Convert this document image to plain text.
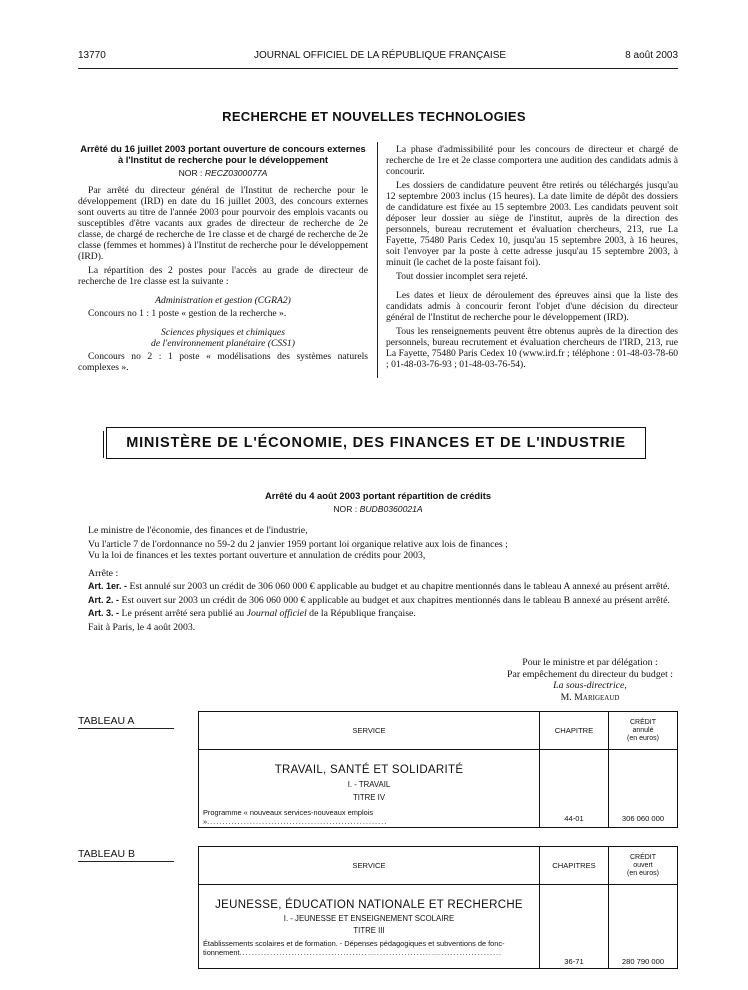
13770	JOURNAL OFFICIEL DE LA RÉPUBLIQUE FRANÇAISE	8 août 2003
RECHERCHE ET NOUVELLES TECHNOLOGIES

Arrêté du 16 juillet 2003 portant ouverture de concours externes à l'Institut de recherche pour le développement

NOR : RECZ0300077A

Par arrêté du directeur général de l'Institut de recherche pour le développement (IRD) en date du 16 juillet 2003, des concours externes sont ouverts au titre de l'année 2003 pour pourvoir des emplois vacants ou susceptibles d'être vacants aux grades de directeur de recherche de 2e classe, de chargé de recherche de 1re classe et de chargé de recherche de 2e classe (femmes et hommes) à l'Institut de recherche pour le développement (IRD).

La répartition des 2 postes pour l'accès au grade de directeur de recherche de 1re classe est la suivante :

Administration et gestion (CGRA2)

Concours no 1 : 1 poste « gestion de la recherche ».

Sciences physiques et chimiques

de l'environnement planétaire (CSS1)

Concours no 2 : 1 poste « modélisations des systèmes naturels complexes ».

La phase d'admissibilité pour les concours de directeur et chargé de recherche de 1re et 2e classe comportera une audition des candidats admis à concourir.

Les dossiers de candidature peuvent être retirés ou téléchargés jusqu'au 12 septembre 2003 inclus (15 heures). La date limite de dépôt des dossiers de candidature est fixée au 15 septembre 2003. Les candidats peuvent soit déposer leur dossier au siège de l'institut, auprès de la direction des personnels, bureau recrutement et évaluation chercheurs, 213, rue La Fayette, 75480 Paris Cedex 10, jusqu'au 15 septembre 2003, à 16 heures, soit l'envoyer par la poste à cette adresse jusqu'au 15 septembre 2003, à minuit (le cachet de la poste faisant foi).

Tout dossier incomplet sera rejeté.

Les dates et lieux de déroulement des épreuves ainsi que la liste des candidats admis à concourir feront l'objet d'une décision du directeur général de l'Institut de recherche pour le développement (IRD).

Tous les renseignements peuvent être obtenus auprès de la direction des personnels, bureau recrutement et évaluation chercheurs de l'IRD, 213, rue La Fayette, 75480 Paris Cedex 10 (www.ird.fr ; téléphone : 01-48-03-78-60 ; 01-48-03-76-93 ; 01-48-03-76-54).

MINISTÈRE DE L'ÉCONOMIE, DES FINANCES ET DE L'INDUSTRIE

Arrêté du 4 août 2003 portant répartition de crédits

NOR : BUDB0360021A

Le ministre de l'économie, des finances et de l'industrie,

Vu l'article 7 de l'ordonnance no 59-2 du 2 janvier 1959 portant loi organique relative aux lois de finances ;

Vu la loi de finances et les textes portant ouverture et annulation de crédits pour 2003,

Arrête :

Art. 1er. - Est annulé sur 2003 un crédit de 306 060 000 € applicable au budget et au chapitre mentionnés dans le tableau A annexé au présent arrêté.

Art. 2. - Est ouvert sur 2003 un crédit de 306 060 000 € applicable au budget et aux chapitres mentionnés dans le tableau B annexé au présent arrêté.

Art. 3. - Le présent arrêté sera publié au Journal officiel de la République française.

Fait à Paris, le 4 août 2003.

Pour le ministre et par délégation :
Par empêchement du directeur du budget :
La sous-directrice,
M. Marigeaud
TABLEAU A
SERVICE	CHAPITRE	CRÉDIT
annulé
(en euros)

TRAVAIL, SANTÉ ET SOLIDARITÉ
I. - TRAVAIL
TITRE IV
Programme « nouveaux services-nouveaux emplois »...........................................................	44-01	306 060 000
TABLEAU B
SERVICE	CHAPITRES	CRÉDIT
ouvert
(en euros)

JEUNESSE, ÉDUCATION NATIONALE ET RECHERCHE
I. - JEUNESSE ET ENSEIGNEMENT SCOLAIRE
TITRE III
Établissements scolaires et de formation. - Dépenses pédagogiques et subventions de fonc-
tionnement......................................................................................	36-71	280 790 000
